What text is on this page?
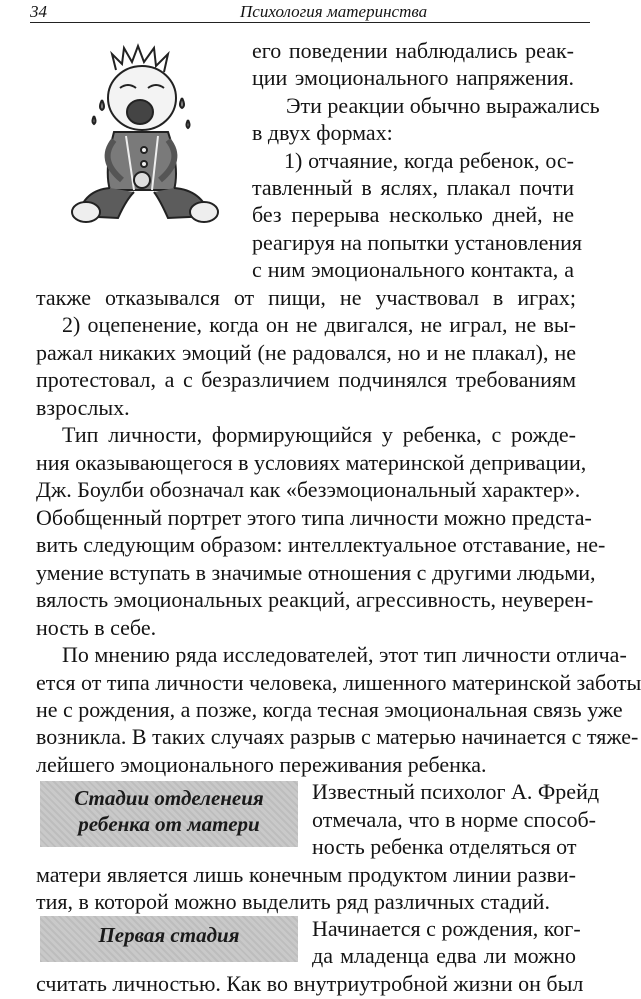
34	Психология материнства
его поведении наблюдались реак-
ции эмоционального напряжения.
Эти реакции обычно выражались
в двух формах:
1) отчаяние, когда ребенок, ос-
тавленный в яслях, плакал почти
без перерыва несколько дней, не
реагируя на попытки установления
с ним эмоционального контакта, а
также отказывался от пищи, не участвовал в играх;
2) оцепенение, когда он не двигался, не играл, не вы-
ражал никаких эмоций (не радовался, но и не плакал), не
протестовал, а с безразличием подчинялся требованиям
взрослых.
Тип личности, формирующийся у ребенка, с рожде-
ния оказывающегося в условиях материнской депривации,
Дж. Боулби обозначал как «безэмоциональный характер».
Обобщенный портрет этого типа личности можно предста-
вить следующим образом: интеллектуальное отставание, не-
умение вступать в значимые отношения с другими людьми,
вялость эмоциональных реакций, агрессивность, неуверен-
ность в себе.
По мнению ряда исследователей, этот тип личности отлича-
ется от типа личности человека, лишенного материнской заботы
не с рождения, а позже, когда тесная эмоциональная связь уже
возникла. В таких случаях разрыв с матерью начинается с тяже-
лейшего эмоционального переживания ребенка.
Стадии отделенеия
ребенка от матери
Известный психолог А. Фрейд
отмечала, что в норме способ-
ность ребенка отделяться от
матери является лишь конечным продуктом линии разви-
тия, в которой можно выделить ряд различных стадий.
Первая стадия	Начинается с рождения, ког-
да младенца едва ли можно
считать личностью. Как во внутриутробной жизни он был
